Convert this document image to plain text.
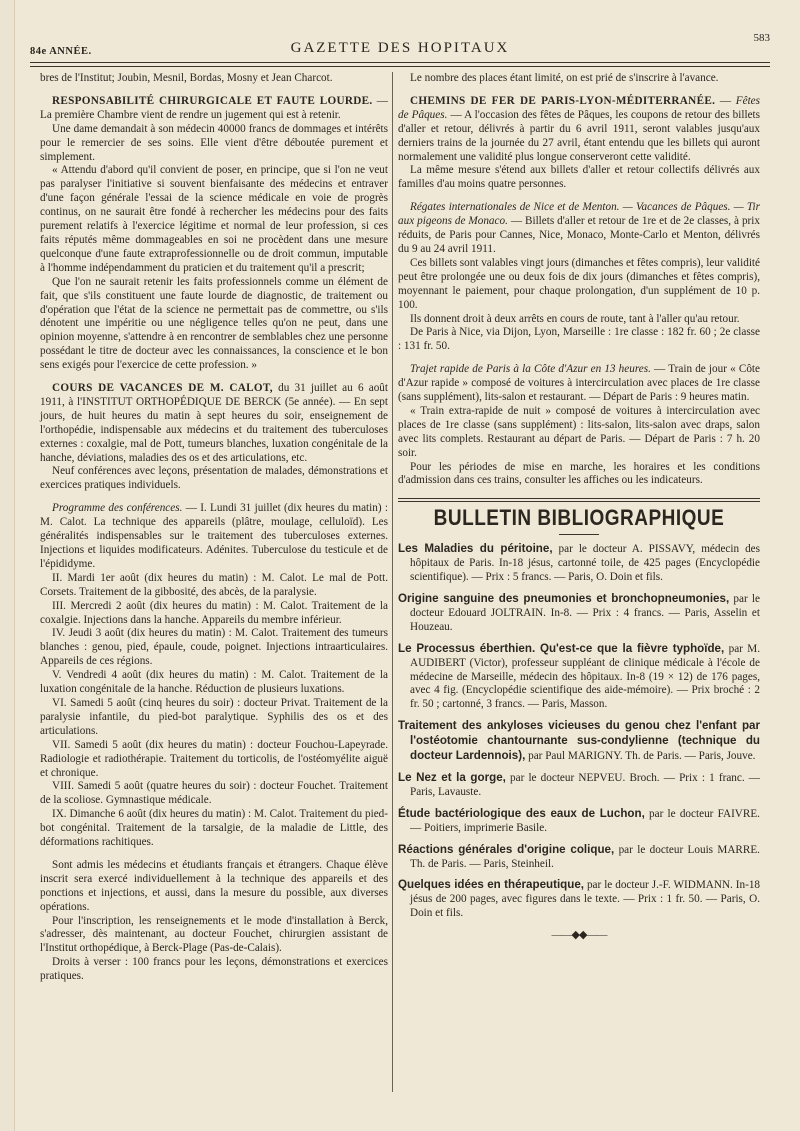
84e ANNÉE.	GAZETTE DES HOPITAUX
583

bres de l'Institut; Joubin, Mesnil, Bordas, Mosny et Jean Charcot.

RESPONSABILITÉ CHIRURGICALE ET FAUTE LOURDE. — La première Chambre vient de rendre un jugement qui est à retenir.

Une dame demandait à son médecin 40000 francs de dommages et intérêts pour le remercier de ses soins. Elle vient d'être déboutée purement et simplement.

« Attendu d'abord qu'il convient de poser, en principe, que si l'on ne veut pas paralyser l'initiative si souvent bienfaisante des médecins et entraver d'une façon générale l'essai de la science médicale en voie de progrès continus, on ne saurait être fondé à rechercher les médecins pour des faits purement relatifs à l'exercice légitime et normal de leur profession, si ces faits réputés même dommageables en soi ne procèdent dans une mesure quelconque d'une faute extraprofessionnelle ou de droit commun, imputable à l'homme indépendamment du praticien et du traitement qu'il a prescrit;

Que l'on ne saurait retenir les faits professionnels comme un élément de fait, que s'ils constituent une faute lourde de diagnostic, de traitement ou d'opération que l'état de la science ne permettait pas de commettre, ou s'ils dénotent une impéritie ou une négligence telles qu'on ne peut, dans une opinion moyenne, s'attendre à en rencontrer de semblables chez une personne possédant le titre de docteur avec les connaissances, la conscience et le bon sens exigés pour l'exercice de cette profession. »

COURS DE VACANCES DE M. CALOT, du 31 juillet au 6 août 1911, à l'INSTITUT ORTHOPÉDIQUE DE BERCK (5e année). — En sept jours, de huit heures du matin à sept heures du soir, enseignement de l'orthopédie, indispensable aux médecins et du traitement des tuberculoses externes : coxalgie, mal de Pott, tumeurs blanches, luxation congénitale de la hanche, déviations, maladies des os et des articulations, etc.

Neuf conférences avec leçons, présentation de malades, démonstrations et exercices pratiques individuels.

Programme des conférences. — I. Lundi 31 juillet (dix heures du matin) : M. Calot. La technique des appareils (plâtre, moulage, celluloïd). Les généralités indispensables sur le traitement des tuberculoses externes. Injections et liquides modificateurs. Adénites. Tuberculose du testicule et de l'épididyme.

II. Mardi 1er août (dix heures du matin) : M. Calot. Le mal de Pott. Corsets. Traitement de la gibbosité, des abcès, de la paralysie.

III. Mercredi 2 août (dix heures du matin) : M. Calot. Traitement de la coxalgie. Injections dans la hanche. Appareils du membre inférieur.

IV. Jeudi 3 août (dix heures du matin) : M. Calot. Traitement des tumeurs blanches : genou, pied, épaule, coude, poignet. Injections intraarticulaires. Appareils de ces régions.

V. Vendredi 4 août (dix heures du matin) : M. Calot. Traitement de la luxation congénitale de la hanche. Réduction de plusieurs luxations.

VI. Samedi 5 août (cinq heures du soir) : docteur Privat. Traitement de la paralysie infantile, du pied-bot paralytique. Syphilis des os et des articulations.

VII. Samedi 5 août (dix heures du matin) : docteur Fouchou-Lapeyrade. Radiologie et radiothérapie. Traitement du torticolis, de l'ostéomyélite aiguë et chronique.

VIII. Samedi 5 août (quatre heures du soir) : docteur Fouchet. Traitement de la scoliose. Gymnastique médicale.

IX. Dimanche 6 août (dix heures du matin) : M. Calot. Traitement du pied-bot congénital. Traitement de la tarsalgie, de la maladie de Little, des déformations rachitiques.

Sont admis les médecins et étudiants français et étrangers. Chaque élève inscrit sera exercé individuellement à la technique des appareils et des ponctions et injections, et aussi, dans la mesure du possible, aux diverses opérations.

Pour l'inscription, les renseignements et le mode d'installation à Berck, s'adresser, dès maintenant, au docteur Fouchet, chirurgien assistant de l'Institut orthopédique, à Berck-Plage (Pas-de-Calais).

Droits à verser : 100 francs pour les leçons, démonstrations et exercices pratiques.

Le nombre des places étant limité, on est prié de s'inscrire à l'avance.

CHEMINS DE FER DE PARIS-LYON-MÉDITERRANÉE. — Fêtes de Pâques. — A l'occasion des fêtes de Pâques, les coupons de retour des billets d'aller et retour, délivrés à partir du 6 avril 1911, seront valables jusqu'aux derniers trains de la journée du 27 avril, étant entendu que les billets qui auront normalement une validité plus longue conserveront cette validité.

La même mesure s'étend aux billets d'aller et retour collectifs délivrés aux familles d'au moins quatre personnes.

Régates internationales de Nice et de Menton. — Vacances de Pâques. — Tir aux pigeons de Monaco. — Billets d'aller et retour de 1re et de 2e classes, à prix réduits, de Paris pour Cannes, Nice, Monaco, Monte-Carlo et Menton, délivrés du 9 au 24 avril 1911.

Ces billets sont valables vingt jours (dimanches et fêtes compris), leur validité peut être prolongée une ou deux fois de dix jours (dimanches et fêtes compris), moyennant le paiement, pour chaque prolongation, d'un supplément de 10 p. 100.

Ils donnent droit à deux arrêts en cours de route, tant à l'aller qu'au retour.

De Paris à Nice, via Dijon, Lyon, Marseille : 1re classe : 182 fr. 60 ; 2e classe : 131 fr. 50.

Trajet rapide de Paris à la Côte d'Azur en 13 heures. — Train de jour « Côte d'Azur rapide » composé de voitures à intercirculation avec places de 1re classe (sans supplément), lits-salon et restaurant. — Départ de Paris : 9 heures matin.

« Train extra-rapide de nuit » composé de voitures à intercirculation avec places de 1re classe (sans supplément) : lits-salon, lits-salon avec draps, salon avec lits complets. Restaurant au départ de Paris. — Départ de Paris : 7 h. 20 soir.

Pour les périodes de mise en marche, les horaires et les conditions d'admission dans ces trains, consulter les affiches ou les indicateurs.

BULLETIN BIBLIOGRAPHIQUE

Les Maladies du péritoine, par le docteur A. PISSAVY, médecin des hôpitaux de Paris. In-18 jésus, cartonné toile, de 425 pages (Encyclopédie scientifique). — Prix : 5 francs. — Paris, O. Doin et fils.

Origine sanguine des pneumonies et bronchopneumonies, par le docteur Edouard JOLTRAIN. In-8. — Prix : 4 francs. — Paris, Asselin et Houzeau.

Le Processus éberthien. Qu'est-ce que la fièvre typhoïde, par M. AUDIBERT (Victor), professeur suppléant de clinique médicale à l'école de médecine de Marseille, médecin des hôpitaux. In-8 (19 × 12) de 176 pages, avec 4 fig. (Encyclopédie scientifique des aide-mémoire). — Prix broché : 2 fr. 50 ; cartonné, 3 francs. — Paris, Masson.

Traitement des ankyloses vicieuses du genou chez l'enfant par l'ostéotomie chantournante sus-condylienne (technique du docteur Lardennois), par Paul MARIGNY. Th. de Paris. — Paris, Jouve.

Le Nez et la gorge, par le docteur NEPVEU. Broch. — Prix : 1 franc. — Paris, Lavauste.

Étude bactériologique des eaux de Luchon, par le docteur FAIVRE. — Poitiers, imprimerie Basile.

Réactions générales d'origine colique, par le docteur Louis MARRE. Th. de Paris. — Paris, Steinheil.

Quelques idées en thérapeutique, par le docteur J.-F. WIDMANN. In-18 jésus de 200 pages, avec figures dans le texte. — Prix : 1 fr. 50. — Paris, O. Doin et fils.

——◆◆——
